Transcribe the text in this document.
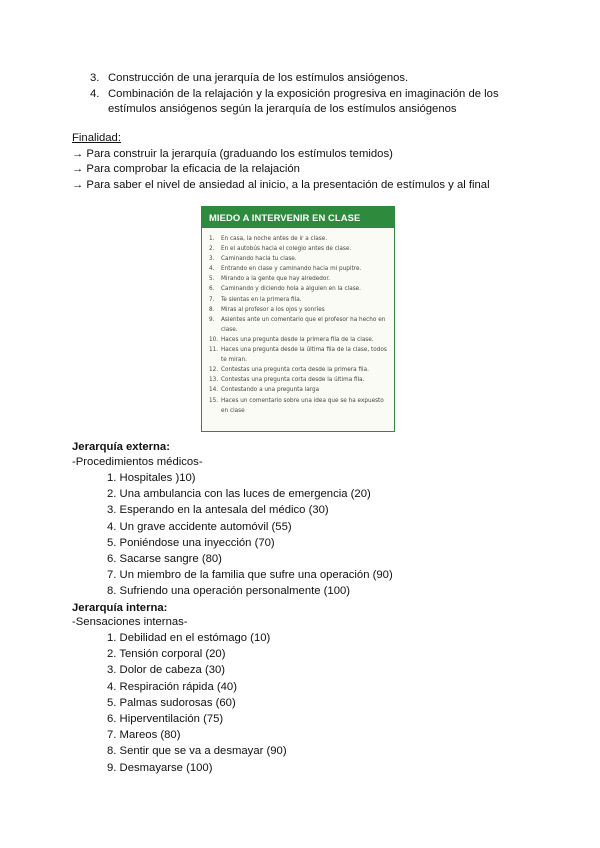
3. Construcción de una jerarquía de los estímulos ansiógenos.
4. Combinación de la relajación y la exposición progresiva en imaginación de los estímulos ansiógenos según la jerarquía de los estímulos ansiógenos
Finalidad:
→ Para construir la jerarquía (graduando los estímulos temidos)
→ Para comprobar la eficacia de la relajación
→ Para saber el nivel de ansiedad al inicio, a la presentación de estímulos y al final
MIEDO A INTERVENIR EN CLASE
1.	En casa, la noche antes de ir a clase.
2.	En el autobús hacia el colegio antes de clase.
3.	Caminando hacia tu clase.
4.	Entrando en clase y caminando hacia mi pupitre.
5.	Mirando a la gente que hay alrededor.
6.	Caminando y diciendo hola a alguien en la clase.
7.	Te sientas en la primera fila.
8.	Miras al profesor a los ojos y sonríes
9.	Asientes ante un comentario que el profesor ha hecho en clase.
10. Haces una pregunta desde la primera fila de la clase.
11. Haces una pregunta desde la última fila de la clase, todos te miran.
12. Contestas una pregunta corta desde la primera fila.
13. Contestas una pregunta corta desde la última fila.
14. Contestando a una pregunta larga
15. Haces un comentario sobre una idea que se ha expuesto en clase
Jerarquía externa:
-Procedimientos médicos-
1. Hospitales )10)
2. Una ambulancia con las luces de emergencia (20)
3. Esperando en la antesala del médico (30)
4. Un grave accidente automóvil (55)
5. Poniéndose una inyección (70)
6. Sacarse sangre (80)
7. Un miembro de la familia que sufre una operación (90)
8. Sufriendo una operación personalmente (100)
Jerarquía interna:
-Sensaciones internas-
1. Debilidad en el estómago (10)
2. Tensión corporal (20)
3. Dolor de cabeza (30)
4. Respiración rápida (40)
5. Palmas sudorosas (60)
6. Hiperventilación (75)
7. Mareos (80)
8. Sentir que se va a desmayar (90)
9. Desmayarse (100)
